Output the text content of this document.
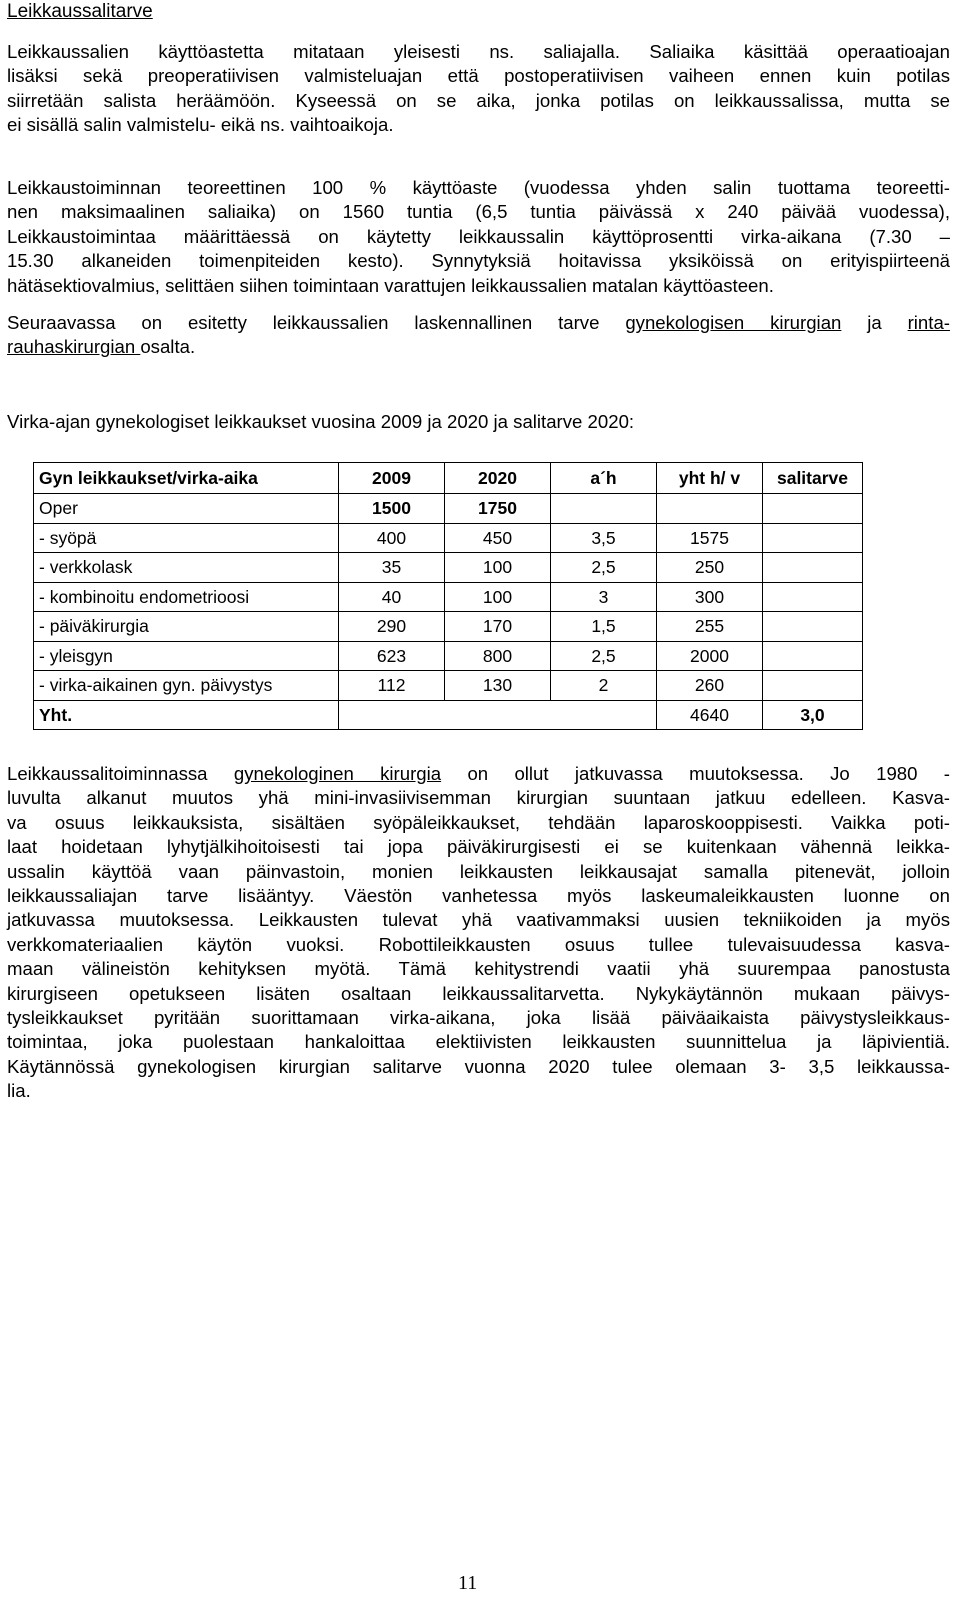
Leikkaussalitarve
Leikkaussalien käyttöastetta mitataan yleisesti ns. saliajalla. Saliaika käsittää operaatioajan
lisäksi sekä preoperatiivisen valmisteluajan että postoperatiivisen vaiheen ennen kuin potilas
siirretään salista heräämöön. Kyseessä on se aika, jonka potilas on leikkaussalissa, mutta se
ei sisällä salin valmistelu- eikä ns. vaihtoaikoja.
Leikkaustoiminnan teoreettinen 100 % käyttöaste (vuodessa yhden salin tuottama teoreetti-
nen maksimaalinen saliaika) on 1560 tuntia (6,5 tuntia päivässä x 240 päivää vuodessa),
Leikkaustoimintaa määrittäessä on käytetty leikkaussalin käyttöprosentti virka-aikana (7.30 –
15.30 alkaneiden toimenpiteiden kesto). Synnytyksiä hoitavissa yksiköissä on erityispiirteenä
hätäsektiovalmius, selittäen siihen toimintaan varattujen leikkaussalien matalan käyttöasteen.
Seuraavassa on esitetty leikkaussalien laskennallinen tarve gynekologisen kirurgian ja rinta-
rauhaskirurgian osalta.
Virka-ajan gynekologiset leikkaukset vuosina 2009 ja 2020 ja salitarve 2020:
Gyn leikkaukset/virka-aika	2009	2020	a´h	yht h/ v	salitarve
Oper	1500	1750			
- syöpä	400	450	3,5	1575	
- verkkolask	35	100	2,5	250	
- kombinoitu endometrioosi	40	100	3	300	
- päiväkirurgia	290	170	1,5	255	
- yleisgyn	623	800	2,5	2000	
- virka-aikainen gyn. päivystys	112	130	2	260	
Yht.				4640	3,0
Leikkaussalitoiminnassa gynekologinen kirurgia on ollut jatkuvassa muutoksessa. Jo 1980 -
luvulta alkanut muutos yhä mini-invasiivisemman kirurgian suuntaan jatkuu edelleen. Kasva-
va osuus leikkauksista, sisältäen syöpäleikkaukset, tehdään laparoskooppisesti. Vaikka poti-
laat hoidetaan lyhytjälkihoitoisesti tai jopa päiväkirurgisesti ei se kuitenkaan vähennä leikka-
ussalin käyttöä vaan päinvastoin, monien leikkausten leikkausajat samalla pitenevät, jolloin
leikkaussaliajan tarve lisääntyy. Väestön vanhetessa myös laskeumaleikkausten luonne on
jatkuvassa muutoksessa. Leikkausten tulevat yhä vaativammaksi uusien tekniikoiden ja myös
verkkomateriaalien käytön vuoksi. Robottileikkausten osuus tullee tulevaisuudessa kasva-
maan välineistön kehityksen myötä. Tämä kehitystrendi vaatii yhä suurempaa panostusta
kirurgiseen opetukseen lisäten osaltaan leikkaussalitarvetta. Nykykäytännön mukaan päivys-
tysleikkaukset pyritään suorittamaan virka-aikana, joka lisää päiväaikaista päivystysleikkaus-
toimintaa, joka puolestaan hankaloittaa elektiivisten leikkausten suunnittelua ja läpivientiä.
Käytännössä gynekologisen kirurgian salitarve vuonna 2020 tulee olemaan 3- 3,5 leikkaussa-
lia.
11
